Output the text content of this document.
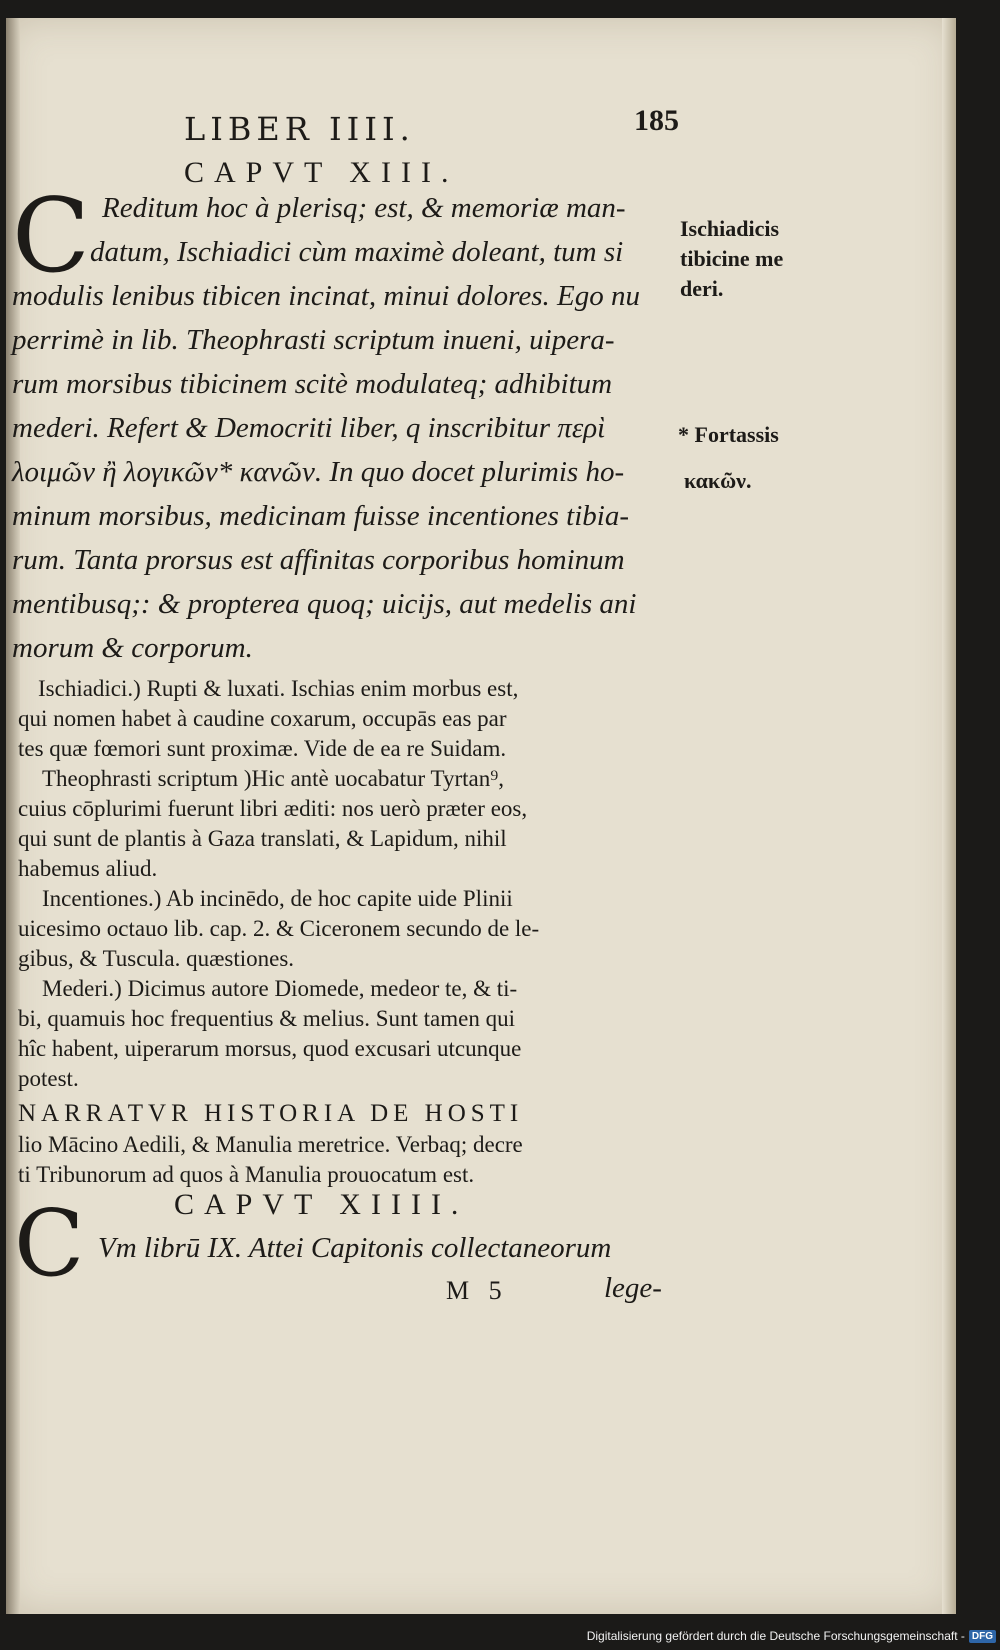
LIBER IIII.	185
CAPVT XIII.
C Reditum hoc à plerisq; est, & memoriæ man-
datum, Ischiadici cùm maximè doleant, tum si
modulis lenibus tibicen incinat, minui dolores. Ego nu
perrimè in lib. Theophrasti scriptum inueni, uipera-
rum morsibus tibicinem scitè modulateq; adhibitum
mederi. Refert & Democriti liber, q inscribitur περὶ
λοιμῶν ἢ λογικῶν* κανῶν. In quo docet plurimis ho-
minum morsibus, medicinam fuisse incentiones tibia-
rum. Tanta prorsus est affinitas corporibus hominum
mentibusq;: & propterea quoq; uicijs, aut medelis ani
morum & corporum.
Ischiadici.) Rupti & luxati. Ischias enim morbus est,
qui nomen habet à caudine coxarum, occupās eas par
tes quæ fœmori sunt proximæ. Vide de ea re Suidam.
Theophrasti scriptum )Hic antè uocabatur Tyrtan⁹,
cuius cōplurimi fuerunt libri æditi: nos uerò præter eos,
qui sunt de plantis à Gaza translati, & Lapidum, nihil
habemus aliud.
Incentiones.) Ab incinēdo, de hoc capite uide Plinii
uicesimo octauo lib. cap. 2. & Ciceronem secundo de le-
gibus, & Tuscula. quæstiones.
Mederi.) Dicimus autore Diomede, medeor te, & ti-
bi, quamuis hoc frequentius & melius. Sunt tamen qui
hîc habent, uiperarum morsus, quod excusari utcunque
potest.
Ischiadicis tibicine me deri.
* Fortassis
κακῶν.
NARRATVR HISTORIA DE HOSTI
lio Mācino Aedili, & Manulia meretrice. Verbaq; decre
ti Tribunorum ad quos à Manulia prouocatum est.
CAPVT XIIII.
C Vm librū IX. Attei Capitonis collectaneorum
M   5	lege-
Digitalisierung gefördert durch die Deutsche Forschungsgemeinschaft - DFG
